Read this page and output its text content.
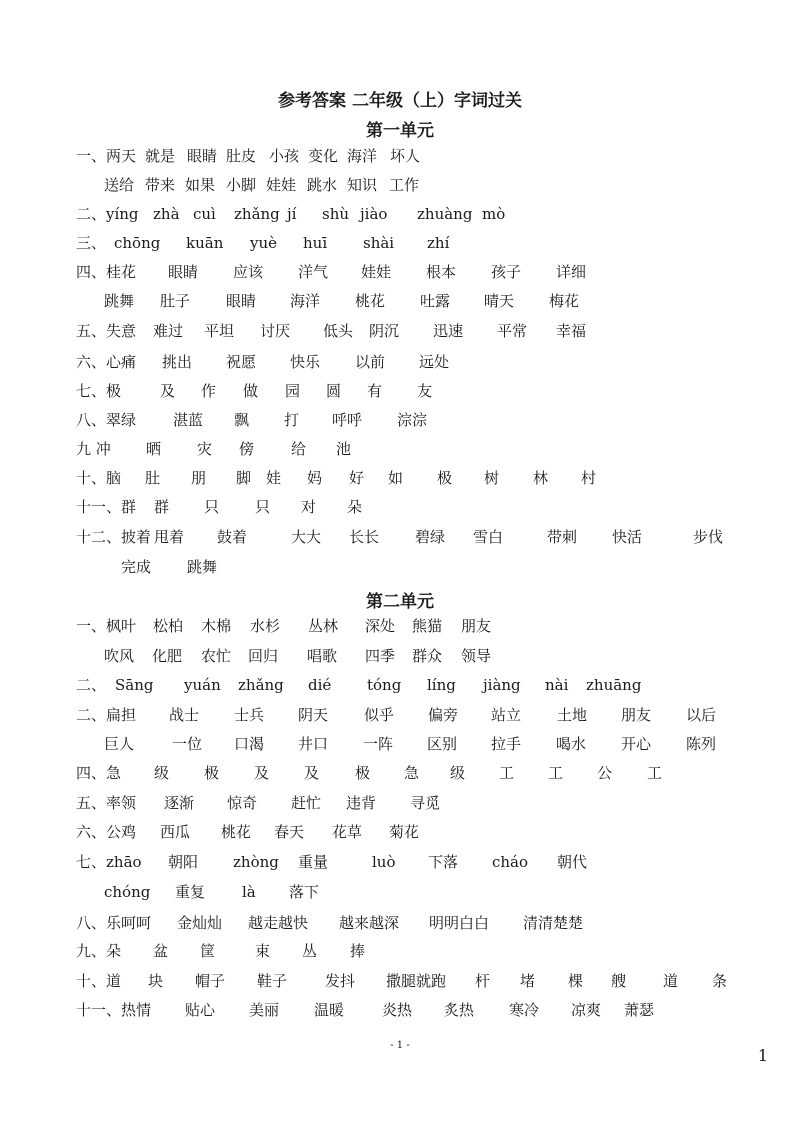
参考答案 二年级（上）字词过关
第一单元
一、两天 就是 眼睛 肚皮 小孩 变化 海洋 坏人
送给 带来 如果 小脚 娃娃 跳水 知识 工作
二、yíng zhà cuì zhǎng jí shù jiào zhuàng mò
三、 chōng kuān yuè huī shài zhí
四、桂花 眼睛 应该 洋气 娃娃 根本 孩子 详细
跳舞 肚子 眼睛 海洋 桃花 吐露 晴天 梅花
五、失意 难过 平坦 讨厌 低头 阴沉 迅速 平常 幸福
六、心痛 挑出 祝愿 快乐 以前 远处
七、极	及 作 做 园 圆 有 友
八、翠绿 湛蓝 飘 打 呼呼 淙淙
九 冲 晒 灾 傍 给 池
十、脑 肚 朋 脚 娃 妈 好 如 极 树 林 村
十一、群 群 只 只 对 朵
十二、披着 甩着 鼓着	大大 长长 碧绿 雪白	带刺 快活	步伐
完成 跳舞
第二单元
一、枫叶 松柏 木棉 水杉 丛林 深处 熊猫 朋友
吹风 化肥 农忙 回归 唱歌 四季 群众 领导
二、 Sāng yuán zhǎng dié tóng líng jiàng nài zhuāng
二、扁担 战士 士兵 阴天 似乎 偏旁 站立 土地 朋友 以后
巨人	一位 口渴 井口 一阵 区别 拉手 喝水 开心 陈列
四、急 级 极 及 及 极 急 级 工 工 公 工
五、率领 逐渐 惊奇 赶忙 违背 寻觅
六、公鸡 西瓜 桃花 春天 花草 菊花
七、zhāo 朝阳 zhòng 重量	luò 下落 cháo 朝代
chóng 重复 là 落下
八、乐呵呵 金灿灿 越走越快 越来越深 明明白白 清清楚楚
九、朵 盆 筐	束 丛 捧
十、道 块 帽子 鞋子	发抖 撒腿就跑 杆 堵 棵 艘 道 条
十一、热情 贴心 美丽 温暖	炎热 炙热 寒冷 凉爽 萧瑟
- 1 -
1
